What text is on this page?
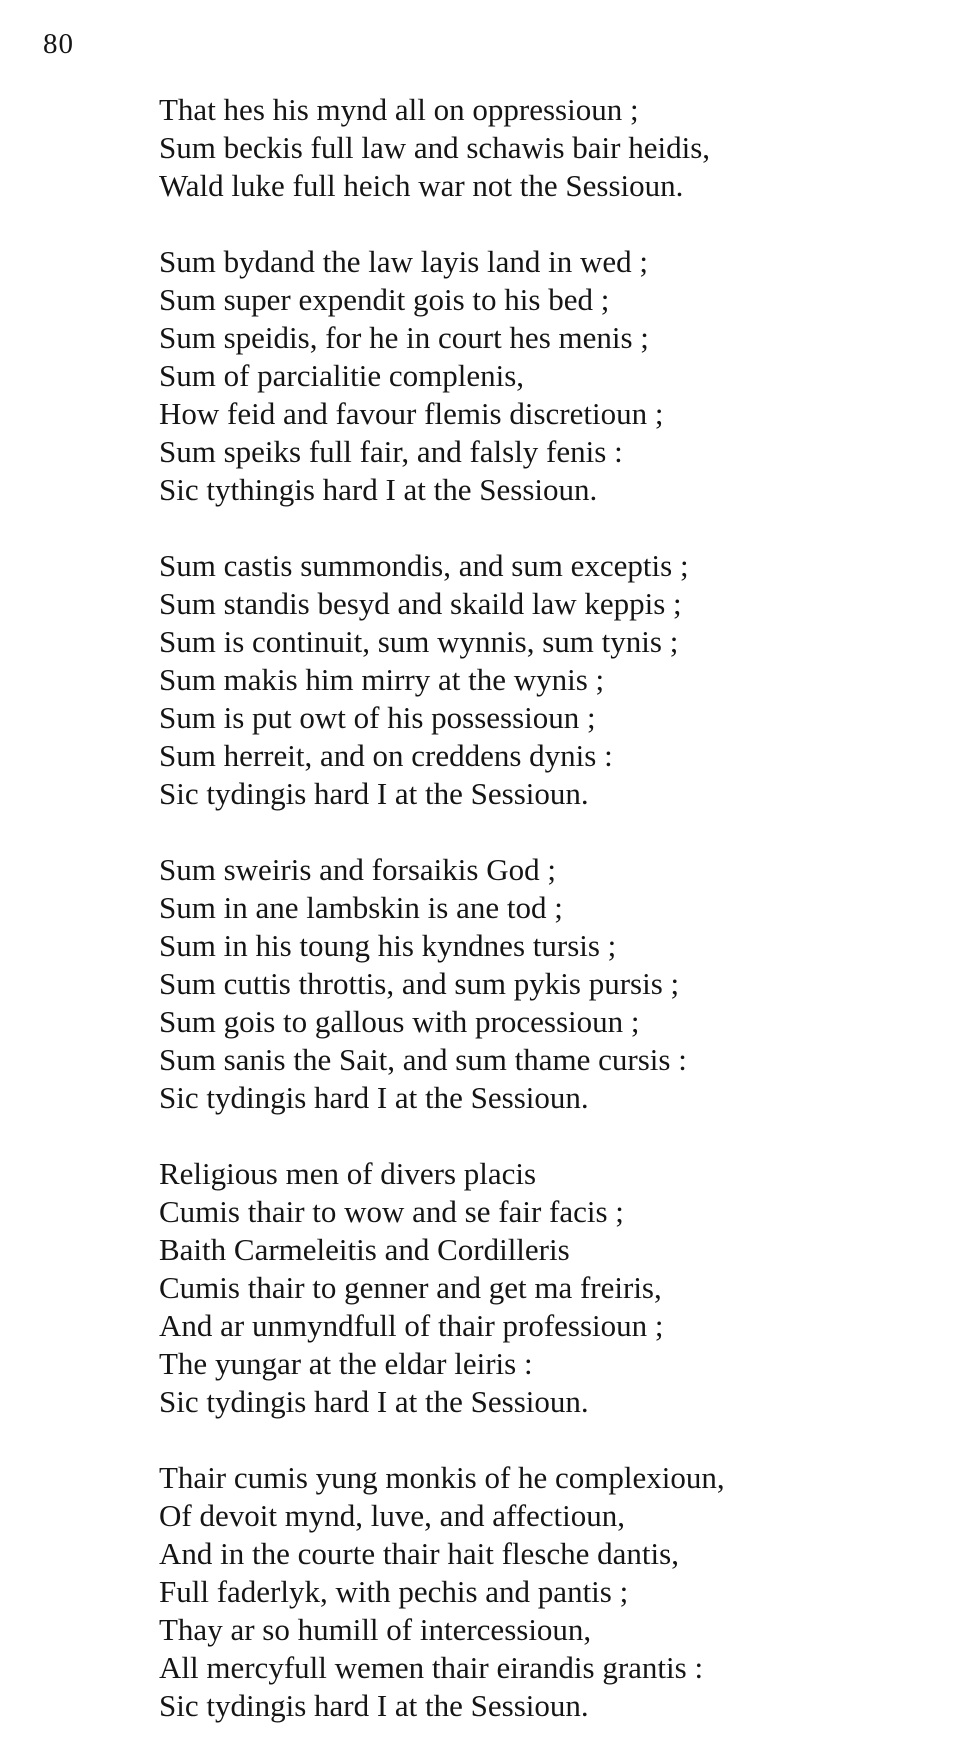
80
That hes his mynd all on oppressioun ;
Sum beckis full law and schawis bair heidis,
Wald luke full heich war not the Sessioun.
Sum bydand the law layis land in wed ;
Sum super expendit gois to his bed ;
Sum speidis, for he in court hes menis ;
Sum of parcialitie complenis,
How feid and favour flemis discretioun ;
Sum speiks full fair, and falsly fenis :
Sic tythingis hard I at the Sessioun.
Sum castis summondis, and sum exceptis ;
Sum standis besyd and skaild law keppis ;
Sum is continuit, sum wynnis, sum tynis ;
Sum makis him mirry at the wynis ;
Sum is put owt of his possessioun ;
Sum herreit, and on creddens dynis :
Sic tydingis hard I at the Sessioun.
Sum sweiris and forsaikis God ;
Sum in ane lambskin is ane tod ;
Sum in his toung his kyndnes tursis ;
Sum cuttis throttis, and sum pykis pursis ;
Sum gois to gallous with processioun ;
Sum sanis the Sait, and sum thame cursis :
Sic tydingis hard I at the Sessioun.
Religious men of divers placis
Cumis thair to wow and se fair facis ;
Baith Carmeleitis and Cordilleris
Cumis thair to genner and get ma freiris,
And ar unmyndfull of thair professioun ;
The yungar at the eldar leiris :
Sic tydingis hard I at the Sessioun.
Thair cumis yung monkis of he complexioun,
Of devoit mynd, luve, and affectioun,
And in the courte thair hait flesche dantis,
Full faderlyk, with pechis and pantis ;
Thay ar so humill of intercessioun,
All mercyfull wemen thair eirandis grantis :
Sic tydingis hard I at the Sessioun.
